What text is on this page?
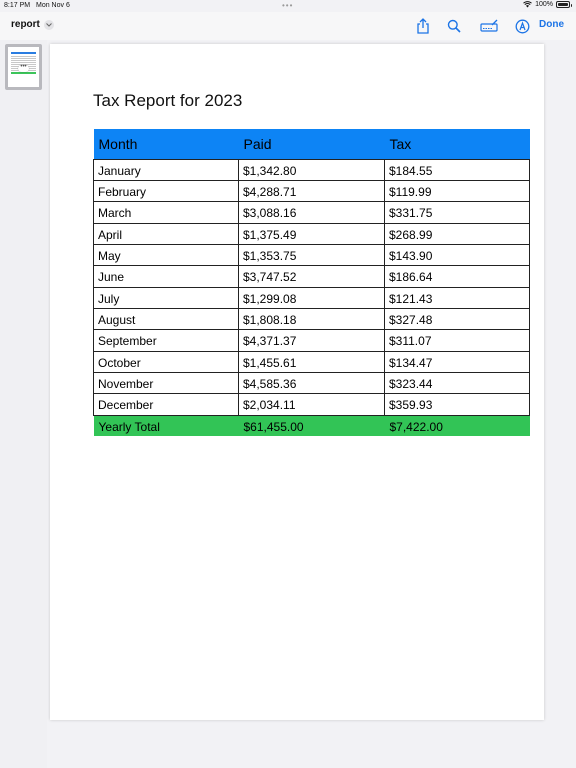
8:17 PM Mon Nov 6	•••	100%
report	Done
•••
Tax Report for 2023
Month	Paid	Tax
January	$1,342.80	$184.55
February	$4,288.71	$119.99
March	$3,088.16	$331.75
April	$1,375.49	$268.99
May	$1,353.75	$143.90
June	$3,747.52	$186.64
July	$1,299.08	$121.43
August	$1,808.18	$327.48
September	$4,371.37	$311.07
October	$1,455.61	$134.47
November	$4,585.36	$323.44
December	$2,034.11	$359.93
Yearly Total	$61,455.00	$7,422.00
